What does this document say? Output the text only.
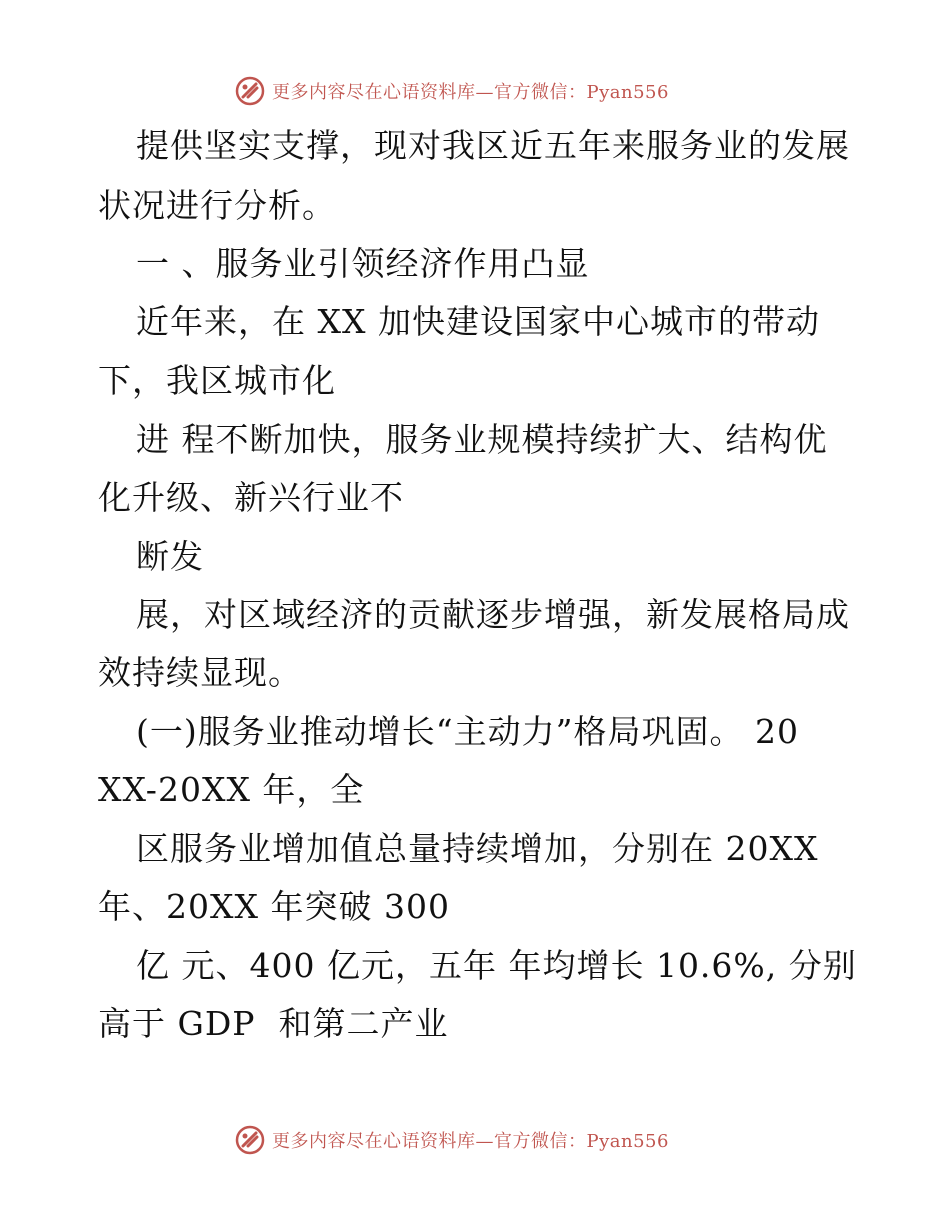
更多内容尽在心语资料库—官方微信：Pyan556
提供坚实支撑，现对我区近五年来服务业的发展
状况进行分析。
一 、服务业引领经济作用凸显
近年来，在 XX 加快建设国家中心城市的带动
下，我区城市化
进 程不断加快，服务业规模持续扩大、结构优
化升级、新兴行业不
断发
展，对区域经济的贡献逐步增强，新发展格局成
效持续显现。
(一)服务业推动增长“主动力”格局巩固。 20
XX-20XX 年，全
区服务业增加值总量持续增加，分别在 20XX
年、20XX 年突破 300
亿 元、400 亿元，五年 年均增长 10.6%, 分别
高于 GDP  和第二产业
更多内容尽在心语资料库—官方微信：Pyan556
